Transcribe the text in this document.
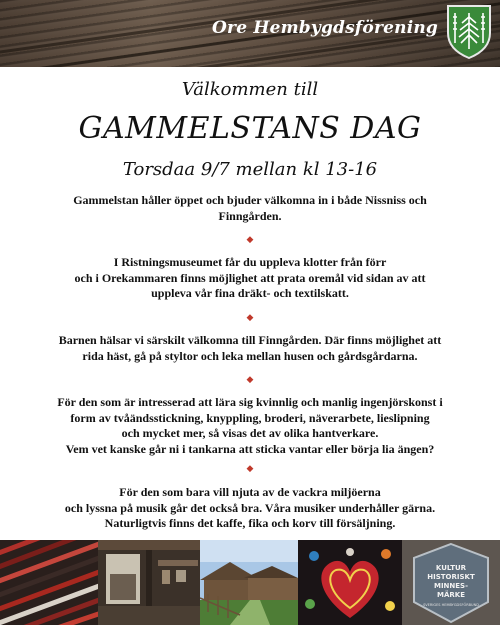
Ore Hembygdsförening
Välkommen till
GAMMELSTANS DAG
Torsdaa 9/7 mellan kl 13-16
Gammelstan håller öppet och bjuder välkomna in i både Nissniss och
Finngården.
◆
I Ristningsmuseumet får du uppleva klotter från förr
och i Orekammaren finns möjlighet att prata oremål vid sidan av att
uppleva vår fina dräkt- och textilskatt.
◆
Barnen hälsar vi särskilt välkomna till Finngården. Där finns möjlighet att
rida häst, gå på styltor och leka mellan husen och gårdsgårdarna.
◆
För den som är intresserad att lära sig kvinnlig och manlig ingenjörskonst i
form av tvåändsstickning, knyppling, broderi, näverarbete, lieslipning
och mycket mer, så visas det av olika hantverkare.
Vem vet kanske går ni i tankarna att sticka vantar eller börja lia ängen?
◆
För den som bara vill njuta av de vackra miljöerna
och lyssna på musik går det också bra. Våra musiker underhåller gärna.
Naturligtvis finns det kaffe, fika och korv till försäljning.
KULTUR
HISTORISKT
MINNES-
MÄRKE
SVERIGES HEMBYGDSFÖRBUND
